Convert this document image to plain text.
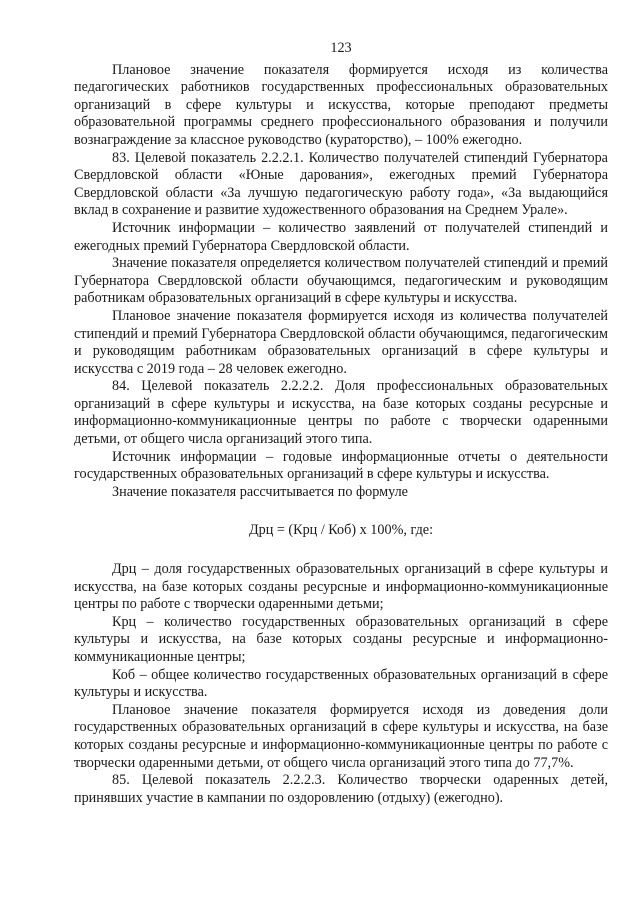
123

Плановое значение показателя формируется исходя из количества педагогических работников государственных профессиональных образовательных организаций в сфере культуры и искусства, которые преподают предметы образовательной программы среднего профессионального образования и получили вознаграждение за классное руководство (кураторство), – 100% ежегодно.

83. Целевой показатель 2.2.2.1. Количество получателей стипендий Губернатора Свердловской области «Юные дарования», ежегодных премий Губернатора Свердловской области «За лучшую педагогическую работу года», «За выдающийся вклад в сохранение и развитие художественного образования на Среднем Урале».

Источник информации – количество заявлений от получателей стипендий и ежегодных премий Губернатора Свердловской области.

Значение показателя определяется количеством получателей стипендий и премий Губернатора Свердловской области обучающимся, педагогическим и руководящим работникам образовательных организаций в сфере культуры и искусства.

Плановое значение показателя формируется исходя из количества получателей стипендий и премий Губернатора Свердловской области обучающимся, педагогическим и руководящим работникам образовательных организаций в сфере культуры и искусства с 2019 года – 28 человек ежегодно.

84. Целевой показатель 2.2.2.2. Доля профессиональных образовательных организаций в сфере культуры и искусства, на базе которых созданы ресурсные и информационно-коммуникационные центры по работе с творчески одаренными детьми, от общего числа организаций этого типа.

Источник информации – годовые информационные отчеты о деятельности государственных образовательных организаций в сфере культуры и искусства.

Значение показателя рассчитывается по формуле

Дрц = (Крц / Коб) x 100%, где:

Дрц – доля государственных образовательных организаций в сфере культуры и искусства, на базе которых созданы ресурсные и информационно-коммуникационные центры по работе с творчески одаренными детьми;

Крц – количество государственных образовательных организаций в сфере культуры и искусства, на базе которых созданы ресурсные и информационно-коммуникационные центры;

Коб – общее количество государственных образовательных организаций в сфере культуры и искусства.

Плановое значение показателя формируется исходя из доведения доли государственных образовательных организаций в сфере культуры и искусства, на базе которых созданы ресурсные и информационно-коммуникационные центры по работе с творчески одаренными детьми, от общего числа организаций этого типа до 77,7%.

85. Целевой показатель 2.2.2.3. Количество творчески одаренных детей, принявших участие в кампании по оздоровлению (отдыху) (ежегодно).
